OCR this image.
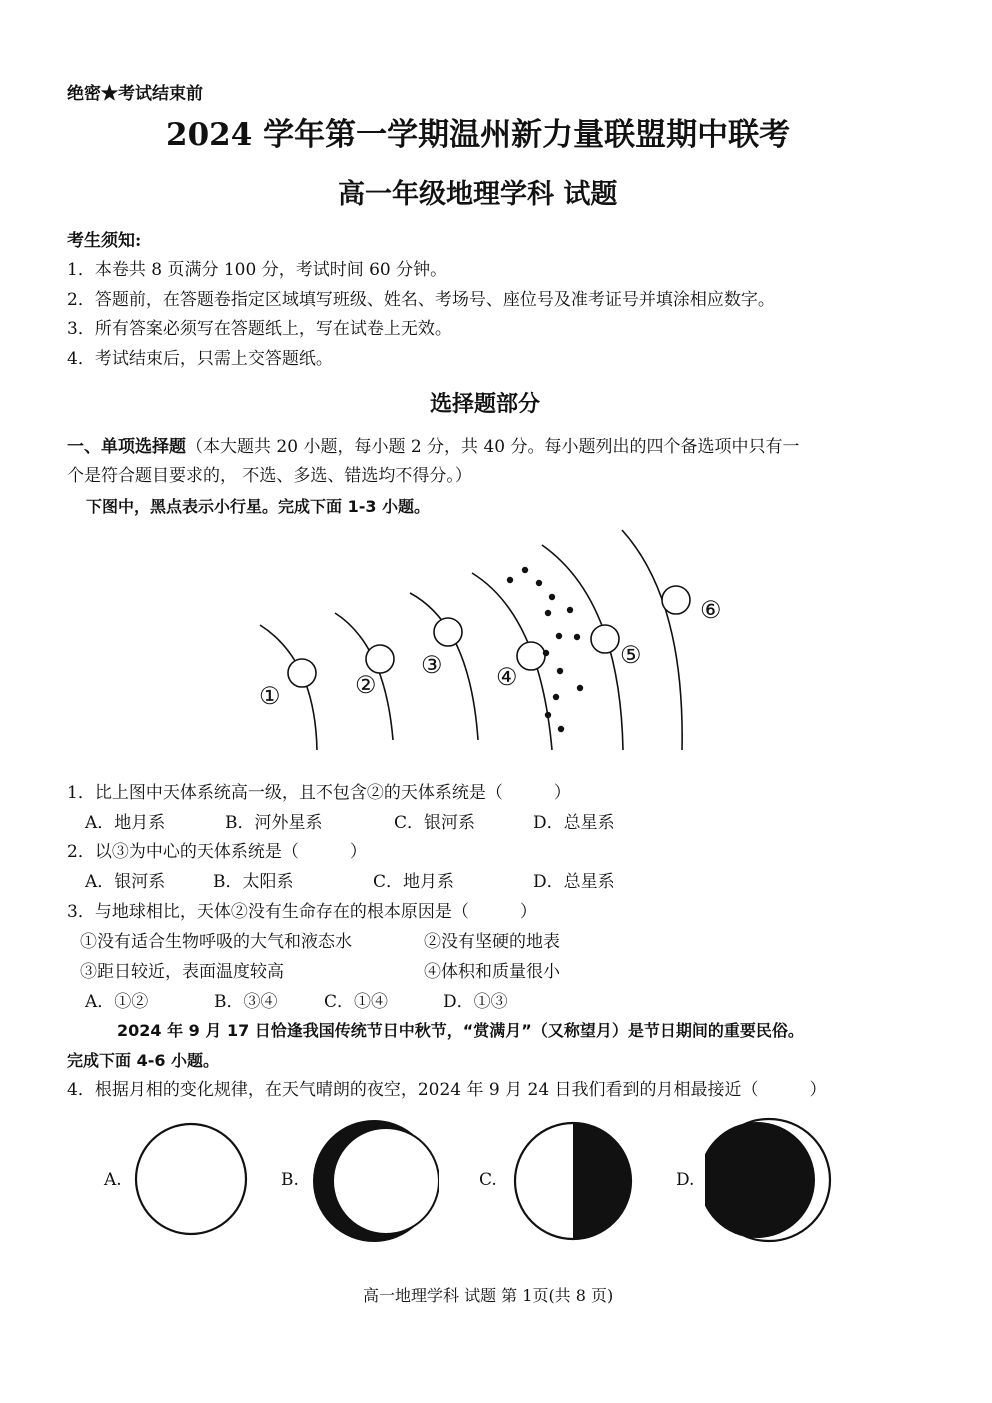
绝密★考试结束前
2024 学年第一学期温州新力量联盟期中联考
高一年级地理学科 试题
考生须知:
1．本卷共 8 页满分 100 分，考试时间 60 分钟。
2．答题前，在答题卷指定区域填写班级、姓名、考场号、座位号及准考证号并填涂相应数字。
3．所有答案必须写在答题纸上，写在试卷上无效。
4．考试结束后，只需上交答题纸。
选择题部分
一、单项选择题（本大题共 20 小题，每小题 2 分，共 40 分。每小题列出的四个备选项中只有一
个是符合题目要求的， 不选、多选、错选均不得分。）
下图中，黑点表示小行星。完成下面 1-3 小题。
①	②
③ ④
⑤
⑥
1．比上图中天体系统高一级，且不包含②的天体系统是（　　　）
A．地月系	B．河外星系	C．银河系	D．总星系
2．以③为中心的天体系统是（　　　）
A．银河系	B．太阳系	C．地月系	D．总星系
3．与地球相比，天体②没有生命存在的根本原因是（　　　）
①没有适合生物呼吸的大气和液态水	②没有坚硬的地表
③距日较近，表面温度较高	④体积和质量很小
A．①②	B．③④	C．①④	D．①③
2024 年 9 月 17 日恰逢我国传统节日中秋节，“赏满月”（又称望月）是节日期间的重要民俗。
完成下面 4-6 小题。
4．根据月相的变化规律，在天气晴朗的夜空，2024 年 9 月 24 日我们看到的月相最接近（　　　）
A.	B.	C.	D.
高一地理学科 试题 第 1页(共 8 页)
